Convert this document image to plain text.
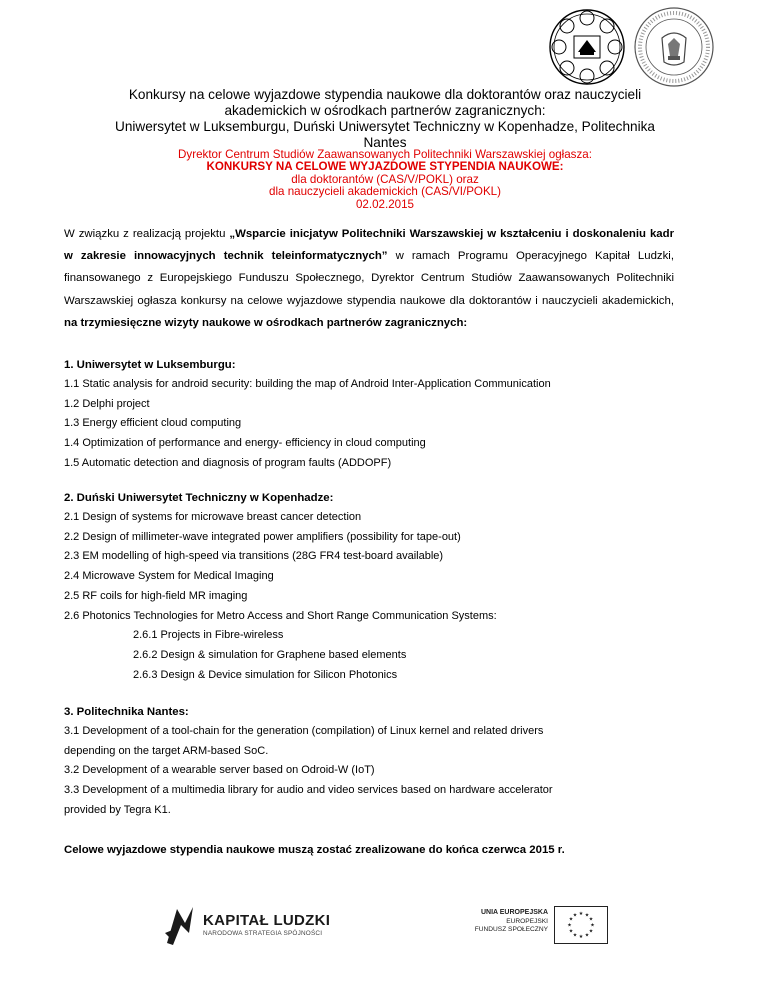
Konkursy na celowe wyjazdowe stypendia naukowe dla doktorantów oraz nauczycieli
akademickich w ośrodkach partnerów zagranicznych:
Uniwersytet w Luksemburgu, Duński Uniwersytet Techniczny w Kopenhadze, Politechnika
Nantes
Dyrektor Centrum Studiów Zaawansowanych Politechniki Warszawskiej ogłasza:
KONKURSY NA CELOWE WYJAZDOWE STYPENDIA NAUKOWE:
dla doktorantów (CAS/V/POKL) oraz
dla nauczycieli akademickich (CAS/VI/POKL)
02.02.2015
W związku z realizacją projektu „Wsparcie inicjatyw Politechniki Warszawskiej w kształceniu i doskonaleniu kadr w zakresie innowacyjnych technik teleinformatycznych” w ramach Programu Operacyjnego Kapitał Ludzki, finansowanego z Europejskiego Funduszu Społecznego, Dyrektor Centrum Studiów Zaawansowanych Politechniki Warszawskiej ogłasza konkursy na celowe wyjazdowe stypendia naukowe dla doktorantów i nauczycieli akademickich, na trzymiesięczne wizyty naukowe w ośrodkach partnerów zagranicznych:
1. Uniwersytet w Luksemburgu:
1.1 Static analysis for android security: building the map of Android Inter-Application Communication
1.2 Delphi project
1.3 Energy efficient cloud computing
1.4 Optimization of performance and energy- efficiency in cloud computing
1.5 Automatic detection and diagnosis of program faults (ADDOPF)
2. Duński Uniwersytet Techniczny w Kopenhadze:
2.1 Design of systems for microwave breast cancer detection
2.2 Design of millimeter-wave integrated power amplifiers (possibility for tape-out)
2.3 EM modelling of high-speed via transitions (28G FR4 test-board available)
2.4 Microwave System for Medical Imaging
2.5 RF coils for high-field MR imaging
2.6 Photonics Technologies for Metro Access and Short Range Communication Systems:
2.6.1 Projects in Fibre-wireless
2.6.2 Design & simulation for Graphene based elements
2.6.3 Design & Device simulation for Silicon Photonics
3. Politechnika Nantes:
3.1 Development of a tool-chain for the generation (compilation) of Linux kernel and related drivers
depending on the target ARM-based SoC.
3.2 Development of a wearable server based on Odroid-W (IoT)
3.3 Development of a multimedia library for audio and video services based on hardware accelerator
provided by Tegra K1.
Celowe wyjazdowe stypendia naukowe muszą zostać zrealizowane do końca czerwca 2015 r.
KAPITAŁ LUDZKI
NARODOWA STRATEGIA SPÓJNOŚCI
UNIA EUROPEJSKA
EUROPEJSKI
FUNDUSZ SPOŁECZNY
★ ★
★
★
★
★
★
★
★
★
★
★
